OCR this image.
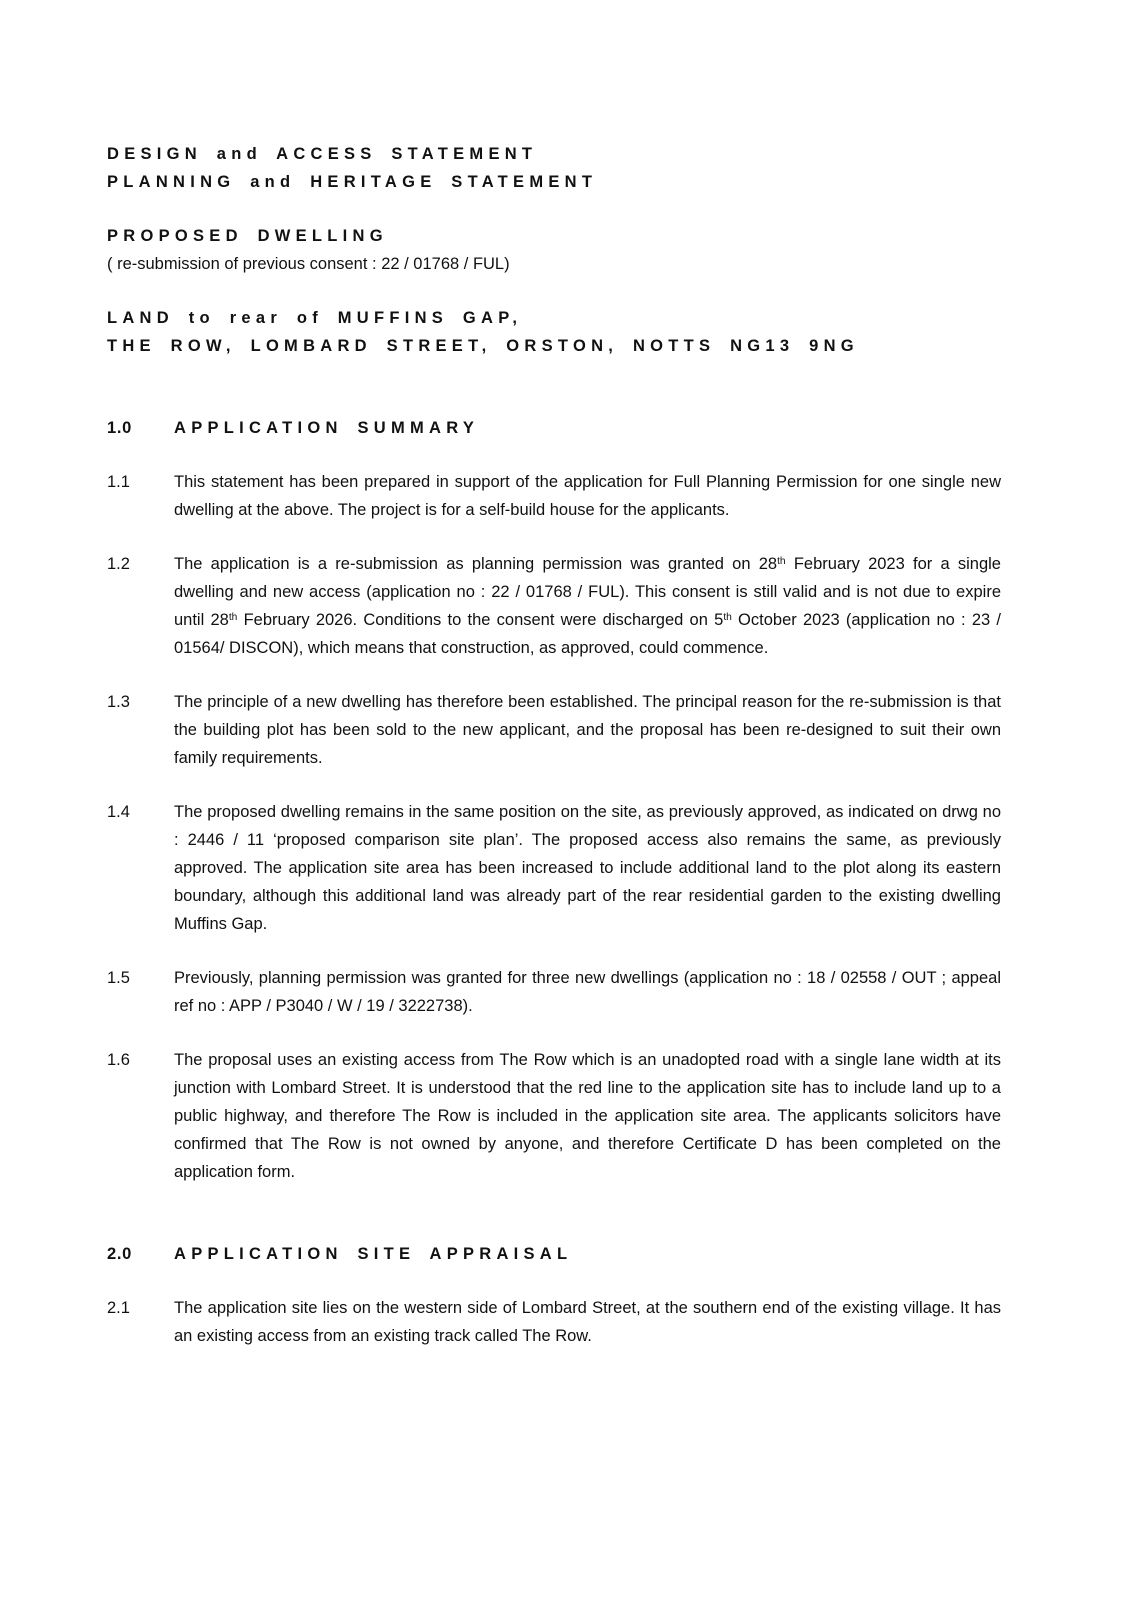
DESIGN and ACCESS STATEMENT

PLANNING and HERITAGE STATEMENT

PROPOSED DWELLING

( re-submission of previous consent : 22 / 01768 / FUL)

LAND to rear of MUFFINS GAP,

THE ROW, LOMBARD STREET, ORSTON, NOTTS NG13 9NG

1.0	APPLICATION SUMMARY
1.1	This statement has been prepared in support of the application for Full Planning Permission for one single new dwelling at the above. The project is for a self-build house for the applicants.

1.2	The application is a re-submission as planning permission was granted on 28th February 2023 for a single dwelling and new access (application no : 22 / 01768 / FUL). This consent is still valid and is not due to expire until 28th February 2026. Conditions to the consent were discharged on 5th October 2023 (application no : 23 / 01564/ DISCON), which means that construction, as approved, could commence.

1.3	The principle of a new dwelling has therefore been established. The principal reason for the re-submission is that the building plot has been sold to the new applicant, and the proposal has been re-designed to suit their own family requirements.

1.4	The proposed dwelling remains in the same position on the site, as previously approved, as indicated on drwg no : 2446 / 11 ‘proposed comparison site plan’. The proposed access also remains the same, as previously approved. The application site area has been increased to include additional land to the plot along its eastern boundary, although this additional land was already part of the rear residential garden to the existing dwelling Muffins Gap.

1.5	Previously, planning permission was granted for three new dwellings (application no : 18 / 02558 / OUT ; appeal ref no : APP / P3040 / W / 19 / 3222738).

1.6	The proposal uses an existing access from The Row which is an unadopted road with a single lane width at its junction with Lombard Street. It is understood that the red line to the application site has to include land up to a public highway, and therefore The Row is included in the application site area. The applicants solicitors have confirmed that The Row is not owned by anyone, and therefore Certificate D has been completed on the application form.

2.0	APPLICATION SITE APPRAISAL
2.1	The application site lies on the western side of Lombard Street, at the southern end of the existing village. It has an existing access from an existing track called The Row.
